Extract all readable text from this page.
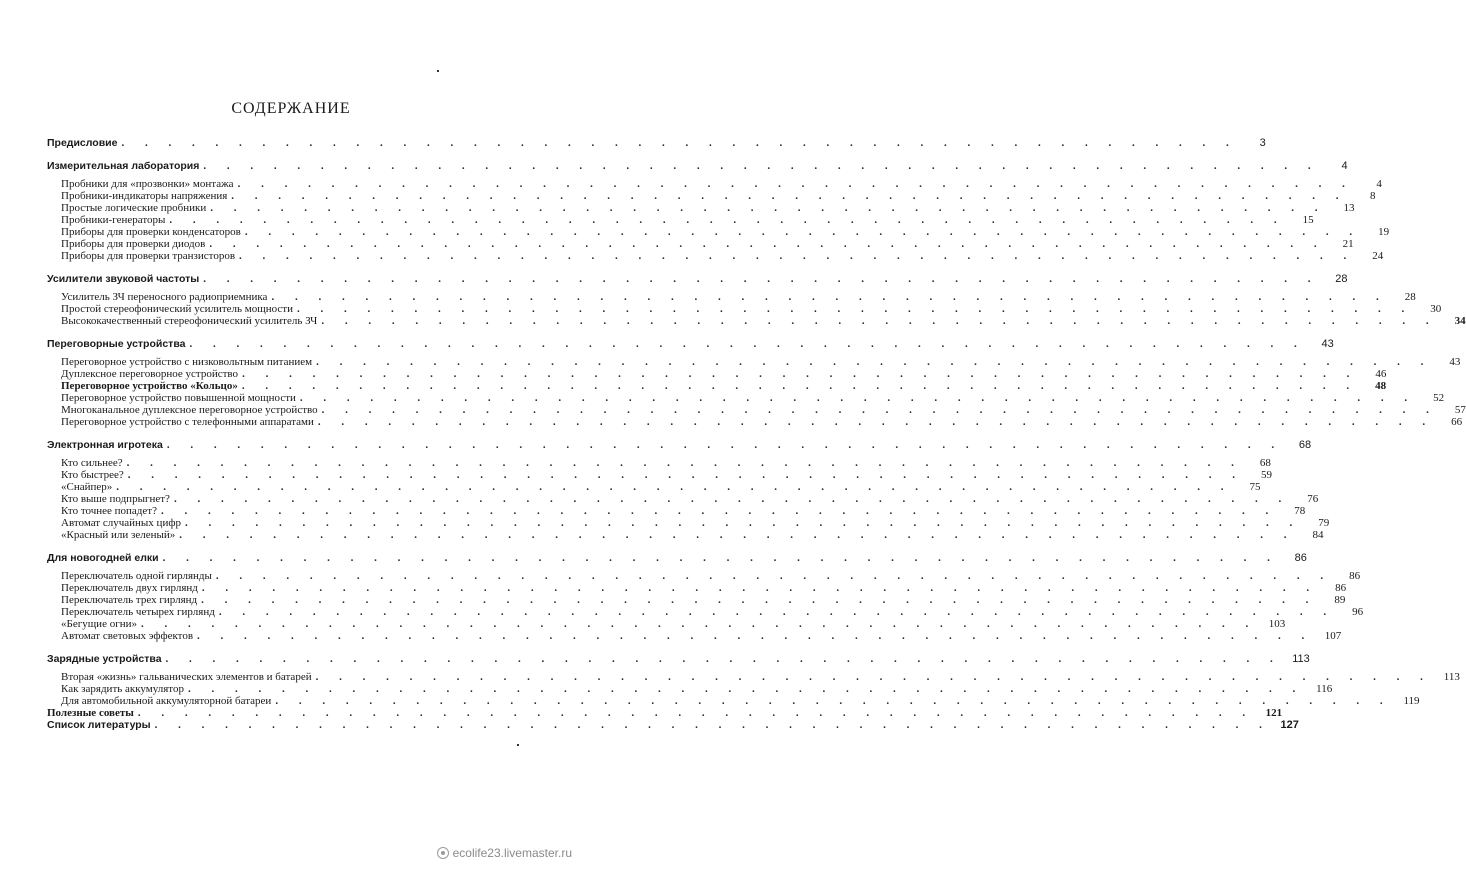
СОДЕРЖАНИЕ
Предисловие . . . . . . . . . . . . . . . . . . . . . . . . . . . . . . . . . . . . . . . . . . . . . . . .	3
Измерительная лаборатория . . . . . . . . . . . . . . . . . . . . . . . . . . . . . . . . . . . . . . . . . . . . . . . .	4
Пробники для «прозвонки» монтажа . . . . . . . . . . . . . . . . . . . . . . . . . . . . . . . . . . . . . . . . . . . . . . . .	4
Пробники-индикаторы напряжения . . . . . . . . . . . . . . . . . . . . . . . . . . . . . . . . . . . . . . . . . . . . . . . .	8
Простые логические пробники . . . . . . . . . . . . . . . . . . . . . . . . . . . . . . . . . . . . . . . . . . . . . . . .	13
Пробники-генераторы . . . . . . . . . . . . . . . . . . . . . . . . . . . . . . . . . . . . . . . . . . . . . . . .	15
Приборы для проверки конденсаторов . . . . . . . . . . . . . . . . . . . . . . . . . . . . . . . . . . . . . . . . . . . . . . . .	19
Приборы для проверки диодов . . . . . . . . . . . . . . . . . . . . . . . . . . . . . . . . . . . . . . . . . . . . . . . .	21
Приборы для проверки транзисторов . . . . . . . . . . . . . . . . . . . . . . . . . . . . . . . . . . . . . . . . . . . . . . . .	24
Усилители звуковой частоты . . . . . . . . . . . . . . . . . . . . . . . . . . . . . . . . . . . . . . . . . . . . . . . .	28
Усилитель ЗЧ переносного радиоприемника . . . . . . . . . . . . . . . . . . . . . . . . . . . . . . . . . . . . . . . . . . . . . . . .	28
Простой стереофонический усилитель мощности . . . . . . . . . . . . . . . . . . . . . . . . . . . . . . . . . . . . . . . . . . . . . . . .	30
Высококачественный стереофонический усилитель ЗЧ . . . . . . . . . . . . . . . . . . . . . . . . . . . . . . . . . . . . . . . . . . . . . . . .	34
Переговорные устройства . . . . . . . . . . . . . . . . . . . . . . . . . . . . . . . . . . . . . . . . . . . . . . . .	43
Переговорное устройство с низковольтным питанием . . . . . . . . . . . . . . . . . . . . . . . . . . . . . . . . . . . . . . . . . . . . . . . .	43
Дуплексное переговорное устройство . . . . . . . . . . . . . . . . . . . . . . . . . . . . . . . . . . . . . . . . . . . . . . . .	46
Переговорное устройство «Кольцо» . . . . . . . . . . . . . . . . . . . . . . . . . . . . . . . . . . . . . . . . . . . . . . . .	48
Переговорное устройство повышенной мощности . . . . . . . . . . . . . . . . . . . . . . . . . . . . . . . . . . . . . . . . . . . . . . . .	52
Многоканальное дуплексное переговорное устройство . . . . . . . . . . . . . . . . . . . . . . . . . . . . . . . . . . . . . . . . . . . . . . . .	57
Переговорное устройство с телефонными аппаратами . . . . . . . . . . . . . . . . . . . . . . . . . . . . . . . . . . . . . . . . . . . . . . . .	66
Электронная игротека . . . . . . . . . . . . . . . . . . . . . . . . . . . . . . . . . . . . . . . . . . . . . . . .	68
Кто сильнее? . . . . . . . . . . . . . . . . . . . . . . . . . . . . . . . . . . . . . . . . . . . . . . . .	68
Кто быстрее? . . . . . . . . . . . . . . . . . . . . . . . . . . . . . . . . . . . . . . . . . . . . . . . .	59
«Снайпер» . . . . . . . . . . . . . . . . . . . . . . . . . . . . . . . . . . . . . . . . . . . . . . . .	75
Кто выше подпрыгнет? . . . . . . . . . . . . . . . . . . . . . . . . . . . . . . . . . . . . . . . . . . . . . . . .	76
Кто точнее попадет? . . . . . . . . . . . . . . . . . . . . . . . . . . . . . . . . . . . . . . . . . . . . . . . .	78
Автомат случайных цифр . . . . . . . . . . . . . . . . . . . . . . . . . . . . . . . . . . . . . . . . . . . . . . . .	79
«Красный или зеленый» . . . . . . . . . . . . . . . . . . . . . . . . . . . . . . . . . . . . . . . . . . . . . . . .	84
Для новогодней елки . . . . . . . . . . . . . . . . . . . . . . . . . . . . . . . . . . . . . . . . . . . . . . . .	86
Переключатель одной гирлянды . . . . . . . . . . . . . . . . . . . . . . . . . . . . . . . . . . . . . . . . . . . . . . . .	86
Переключатель двух гирлянд . . . . . . . . . . . . . . . . . . . . . . . . . . . . . . . . . . . . . . . . . . . . . . . .	86
Переключатель трех гирлянд . . . . . . . . . . . . . . . . . . . . . . . . . . . . . . . . . . . . . . . . . . . . . . . .	89
Переключатель четырех гирлянд . . . . . . . . . . . . . . . . . . . . . . . . . . . . . . . . . . . . . . . . . . . . . . . .	96
«Бегущие огни» . . . . . . . . . . . . . . . . . . . . . . . . . . . . . . . . . . . . . . . . . . . . . . . .	103
Автомат световых эффектов . . . . . . . . . . . . . . . . . . . . . . . . . . . . . . . . . . . . . . . . . . . . . . . .	107
Зарядные устройства . . . . . . . . . . . . . . . . . . . . . . . . . . . . . . . . . . . . . . . . . . . . . . . . 113
Вторая «жизнь» гальванических элементов и батарей . . . . . . . . . . . . . . . . . . . . . . . . . . . . . . . . . . . . . . . . . . . . . . . .	113
Как зарядить аккумулятор . . . . . . . . . . . . . . . . . . . . . . . . . . . . . . . . . . . . . . . . . . . . . . . .	116
Для автомобильной аккумуляторной батареи . . . . . . . . . . . . . . . . . . . . . . . . . . . . . . . . . . . . . . . . . . . . . . . .	119
Полезные советы . . . . . . . . . . . . . . . . . . . . . . . . . . . . . . . . . . . . . . . . . . . . . . . .	121
Список литературы . . . . . . . . . . . . . . . . . . . . . . . . . . . . . . . . . . . . . . . . . . . . . . . . 127
ecolife23.livemaster.ru
